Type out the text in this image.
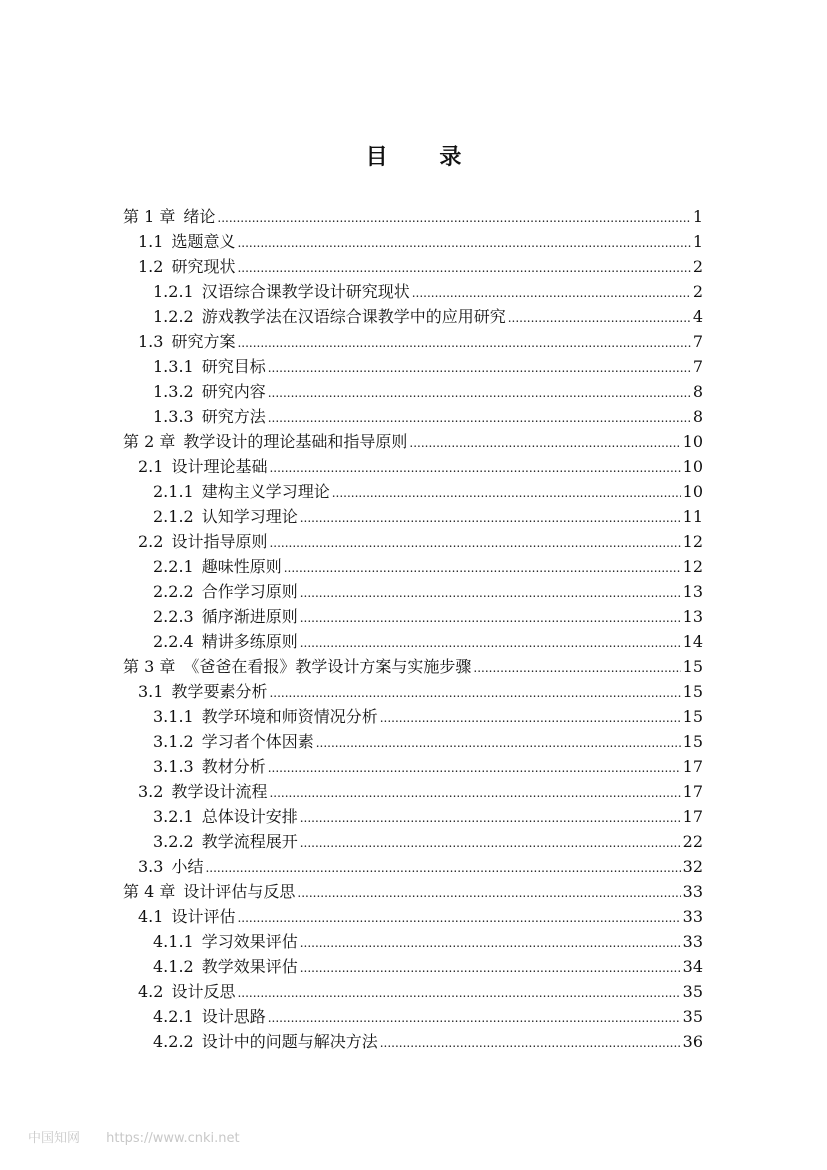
目 录
第 1 章 绪论 .....	1
1.1 选题意义 .....	1
1.2 研究现状 .....	2
1.2.1 汉语综合课教学设计研究现状 .....	2
1.2.2 游戏教学法在汉语综合课教学中的应用研究 .....	4
1.3 研究方案 .....	7
1.3.1 研究目标 .....	7
1.3.2 研究内容 .....	8
1.3.3 研究方法 .....	8
第 2 章 教学设计的理论基础和指导原则 .....	10
2.1 设计理论基础 .....	10
2.1.1 建构主义学习理论 .....	10
2.1.2 认知学习理论 .....	11
2.2 设计指导原则 .....	12
2.2.1 趣味性原则 .....	12
2.2.2 合作学习原则 .....	13
2.2.3 循序渐进原则 .....	13
2.2.4 精讲多练原则 .....	14
第 3 章 《爸爸在看报》教学设计方案与实施步骤 .....	15
3.1 教学要素分析 .....	15
3.1.1 教学环境和师资情况分析 .....	15
3.1.2 学习者个体因素 .....	15
3.1.3 教材分析 .....	17
3.2 教学设计流程 .....	17
3.2.1 总体设计安排 .....	17
3.2.2 教学流程展开 .....	22
3.3 小结 .....	32
第 4 章 设计评估与反思 .....	33
4.1 设计评估 .....	33
4.1.1 学习效果评估 .....	33
4.1.2 教学效果评估 .....	34
4.2 设计反思 .....	35
4.2.1 设计思路 .....	35
4.2.2 设计中的问题与解决方法 .....	36
中国知网 https://www.cnki.net
